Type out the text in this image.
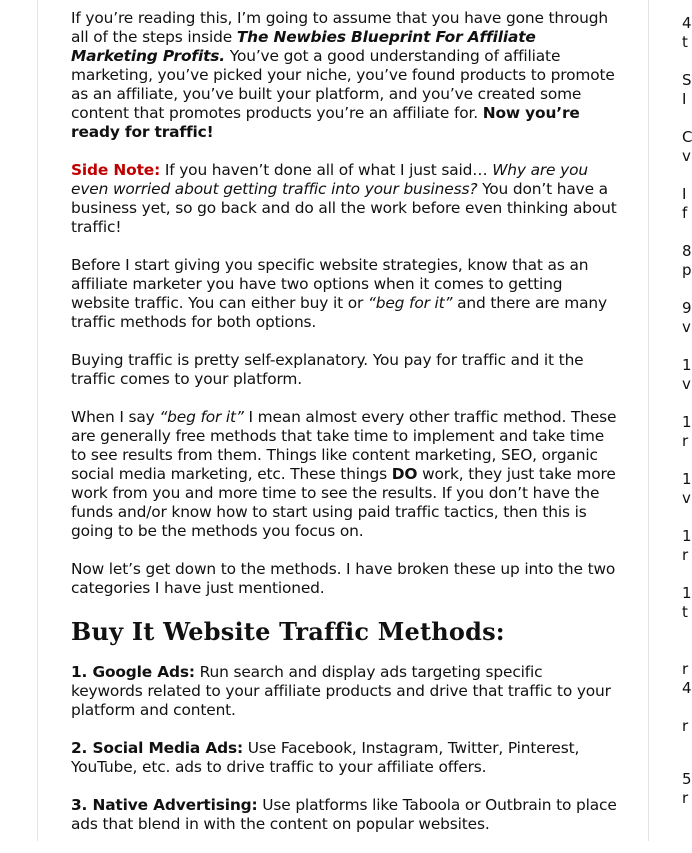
If you’re reading this, I’m going to assume that you have gone through all of the steps inside The Newbies Blueprint For Affiliate Marketing Profits. You’ve got a good understanding of affiliate marketing, you’ve picked your niche, you’ve found products to promote as an affiliate, you’ve built your platform, and you’ve created some content that promotes products you’re an affiliate for. Now you’re ready for traffic!

Side Note: If you haven’t done all of what I just said… Why are you even worried about getting traffic into your business? You don’t have a business yet, so go back and do all the work before even thinking about traffic!

Before I start giving you specific website strategies, know that as an affiliate marketer you have two options when it comes to getting website traffic. You can either buy it or “beg for it” and there are many traffic methods for both options.

Buying traffic is pretty self-explanatory. You pay for traffic and it the traffic comes to your platform.

When I say “beg for it” I mean almost every other traffic method. These are generally free methods that take time to implement and take time to see results from them. Things like content marketing, SEO, organic social media marketing, etc. These things DO work, they just take more work from you and more time to see the results. If you don’t have the funds and/or know how to start using paid traffic tactics, then this is going to be the methods you focus on.

Now let’s get down to the methods. I have broken these up into the two categories I have just mentioned.

Buy It Website Traffic Methods:

1. Google Ads: Run search and display ads targeting specific keywords related to your affiliate products and drive that traffic to your platform and content.

2. Social Media Ads: Use Facebook, Instagram, Twitter, Pinterest, YouTube, etc. ads to drive traffic to your affiliate offers.

3. Native Advertising: Use platforms like Taboola or Outbrain to place ads that blend in with the content on popular websites.

4
t
S
I
C
v
I
f
8
p
9
v
1
v
1
r
1
v
1
r
1
t
r
4
r
5
r
